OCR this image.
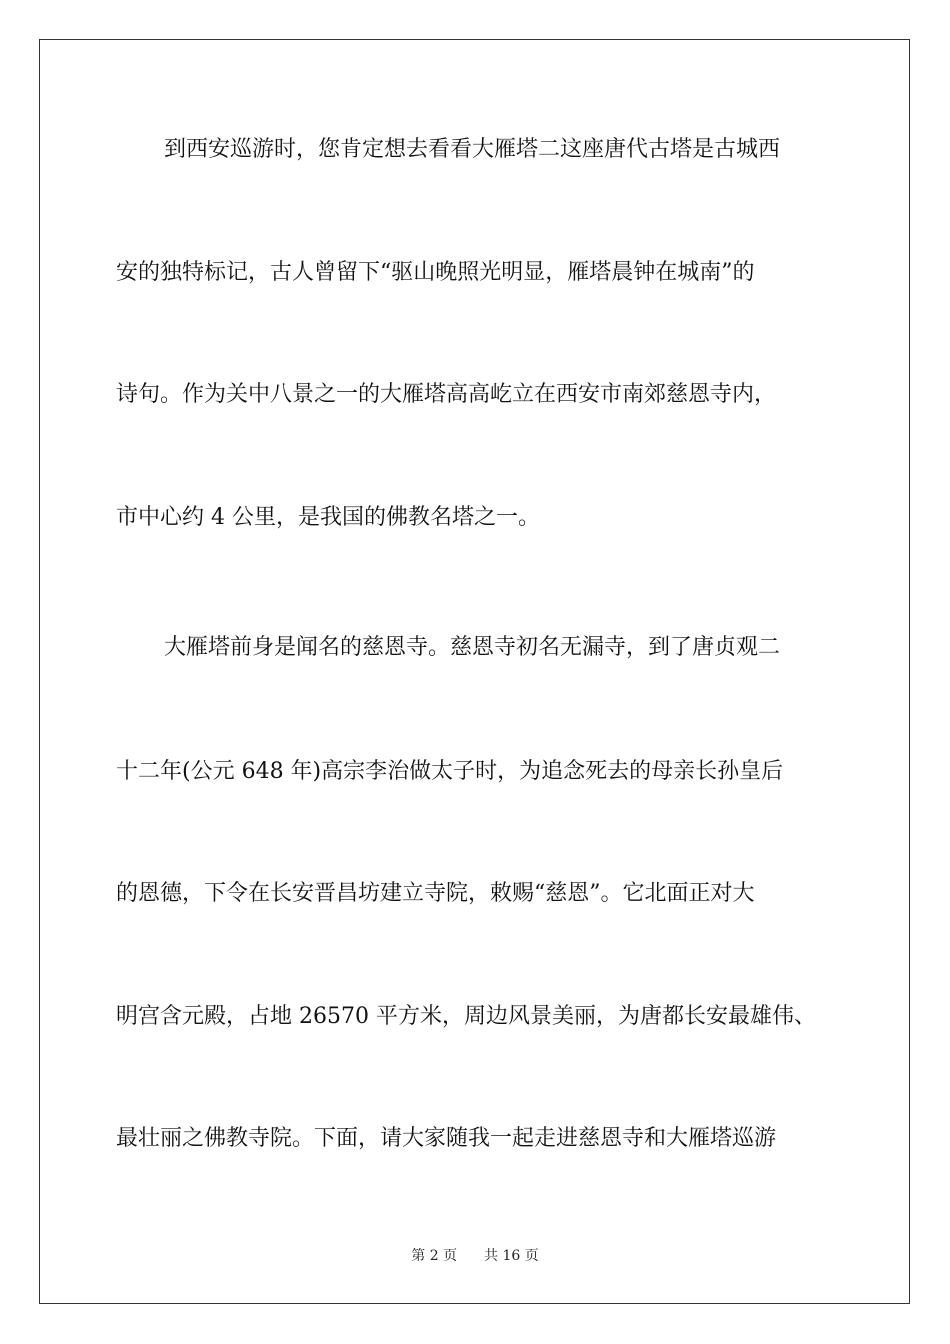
到西安巡游时，您肯定想去看看大雁塔二这座唐代古塔是古城西
安的独特标记，古人曾留下“驱山晚照光明显，雁塔晨钟在城南”的
诗句。作为关中八景之一的大雁塔高高屹立在西安市南郊慈恩寺内，
市中心约 4 公里，是我国的佛教名塔之一。
大雁塔前身是闻名的慈恩寺。慈恩寺初名无漏寺，到了唐贞观二
十二年(公元 648 年)高宗李治做太子时，为追念死去的母亲长孙皇后
的恩德，下令在长安晋昌坊建立寺院，敕赐“慈恩”。它北面正对大
明宫含元殿，占地 26570 平方米，周边风景美丽，为唐都长安最雄伟、
最壮丽之佛教寺院。下面，请大家随我一起走进慈恩寺和大雁塔巡游
第 2 页 共 16 页
